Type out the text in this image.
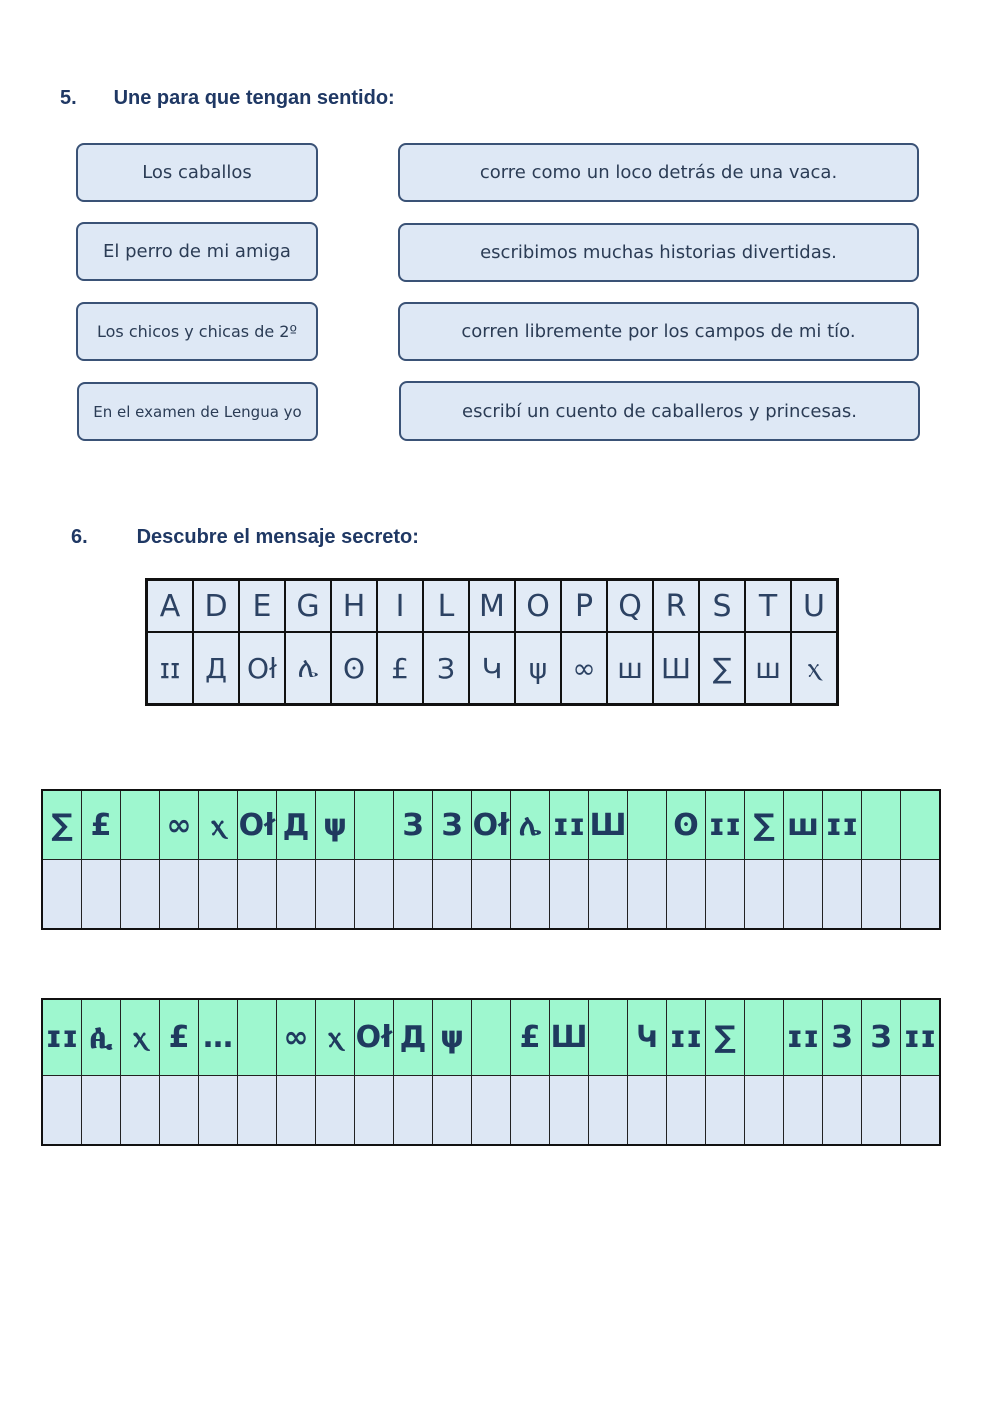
5. Une para que tengan sentido:
Los caballos
El perro de mi amiga
Los chicos y chicas de 2º
En el examen de Lengua yo
corre como un loco detrás de una vaca.
escribimos muchas historias divertidas.
corren libremente por los campos de mi tío.
escribí un cuento de caballeros y princesas.
6. Descubre el mensaje secreto:
A	D	E	G	H	I	L	M	O	P	Q	R	S	T	U
ɪɪ	Д	Оł	ሌ	ʘ	£	З	Կ	ψ	∞	ꟺ	Ш	∑	ꟺ	ⲭ
∑	£		∞	ⲭ	Оł	Д	ψ		З	З	Оł	ሌ	ɪɪ	Ш		ʘ	ɪɪ	∑	ꟺ	ɪɪ		

ɪɪ	ꬂ	ⲭ	£	…		∞	ⲭ	Оł	Д	ψ		£	Ш		Կ	ɪɪ	∑		ɪɪ	З	З	ɪɪ
